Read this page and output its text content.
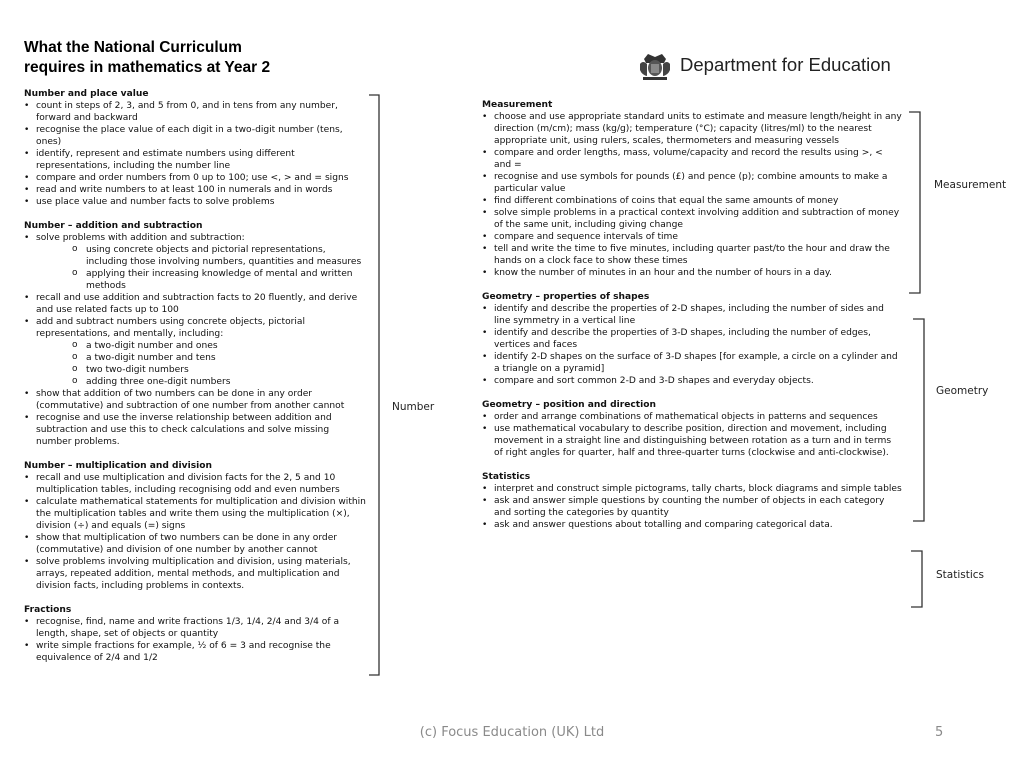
What the National Curriculum
requires in mathematics at Year 2	Department for Education
Number and place value
• count in steps of 2, 3, and 5 from 0, and in tens from any number, forward and backward
• recognise the place value of each digit in a two-digit number (tens, ones)
• identify, represent and estimate numbers using different representations, including the number line
• compare and order numbers from 0 up to 100; use <, > and = signs
• read and write numbers to at least 100 in numerals and in words
• use place value and number facts to solve problems
Number – addition and subtraction
• solve problems with addition and subtraction:
o using concrete objects and pictorial representations, including those involving numbers, quantities and measures
o applying their increasing knowledge of mental and written methods
• recall and use addition and subtraction facts to 20 fluently, and derive and use related facts up to 100
• add and subtract numbers using concrete objects, pictorial representations, and mentally, including:
o a two-digit number and ones
o a two-digit number and tens
o two two-digit numbers
o adding three one-digit numbers
• show that addition of two numbers can be done in any order (commutative) and subtraction of one number from another cannot
• recognise and use the inverse relationship between addition and subtraction and use this to check calculations and solve missing number problems.
Number – multiplication and division
• recall and use multiplication and division facts for the 2, 5 and 10 multiplication tables, including recognising odd and even numbers
• calculate mathematical statements for multiplication and division within the multiplication tables and write them using the multiplication (×), division (÷) and equals (=) signs
• show that multiplication of two numbers can be done in any order (commutative) and division of one number by another cannot
• solve problems involving multiplication and division, using materials, arrays, repeated addition, mental methods, and multiplication and division facts, including problems in contexts.
Fractions
• recognise, find, name and write fractions 1/3, 1/4, 2/4 and 3/4 of a length, shape, set of objects or quantity
• write simple fractions for example, ½ of 6 = 3 and recognise the equivalence of 2/4 and 1/2
Measurement
• choose and use appropriate standard units to estimate and measure length/height in any direction (m/cm); mass (kg/g); temperature (°C); capacity (litres/ml) to the nearest appropriate unit, using rulers, scales, thermometers and measuring vessels
• compare and order lengths, mass, volume/capacity and record the results using >, < and =
• recognise and use symbols for pounds (£) and pence (p); combine amounts to make a particular value
• find different combinations of coins that equal the same amounts of money
• solve simple problems in a practical context involving addition and subtraction of money of the same unit, including giving change
• compare and sequence intervals of time
• tell and write the time to five minutes, including quarter past/to the hour and draw the hands on a clock face to show these times
• know the number of minutes in an hour and the number of hours in a day.
Geometry – properties of shapes
• identify and describe the properties of 2-D shapes, including the number of sides and line symmetry in a vertical line
• identify and describe the properties of 3-D shapes, including the number of edges, vertices and faces
• identify 2-D shapes on the surface of 3-D shapes [for example, a circle on a cylinder and a triangle on a pyramid]
• compare and sort common 2-D and 3-D shapes and everyday objects.
Geometry – position and direction
• order and arrange combinations of mathematical objects in patterns and sequences
• use mathematical vocabulary to describe position, direction and movement, including movement in a straight line and distinguishing between rotation as a turn and in terms of right angles for quarter, half and three-quarter turns (clockwise and anti-clockwise).
Statistics
• interpret and construct simple pictograms, tally charts, block diagrams and simple tables
• ask and answer simple questions by counting the number of objects in each category and sorting the categories by quantity
• ask and answer questions about totalling and comparing categorical data.
Number
Measurement
Geometry
Statistics
(c) Focus Education (UK) Ltd	5
